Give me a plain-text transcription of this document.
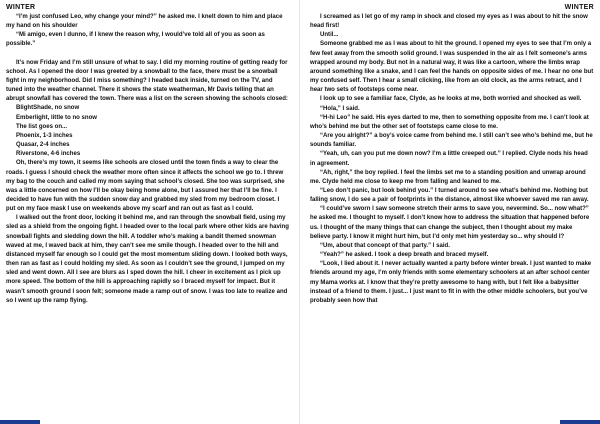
WINTER

“I’m just confused Leo, why change your mind?” he asked me. I knelt down to him and place my hand on his shoulder

“Mi amigo, even I dunno, if I knew the reason why, I would’ve told all of you as soon as possible.”

It’s now Friday and I’m still unsure of what to say. I did my morning routine of getting ready for school. As I opened the door I was greeted by a snowball to the face, there must be a snowball fight in my neighborhood. Did I miss something? I headed back inside, turned on the TV, and tuned into the weather channel. There it shows the state weatherman, Mr Davis telling that an abrupt snowfall has covered the town. There was a list on the screen showing the schools closed:

BlightShade, no snow

Emberlight, little to no snow

The list goes on...

Phoenix, 1-3 inches

Quasar, 2-4 inches

Riverstone, 4-6 inches

Oh, there’s my town, it seems like schools are closed until the town finds a way to clear the roads. I guess I should check the weather more often since it affects the school we go to. I threw my bag to the couch and called my mom saying that school’s closed. She too was surprised, she was a little concerned on how I’ll be okay being home alone, but I assured her that I’ll be fine. I decided to have fun with the sudden snow day and grabbed my sled from my bedroom closet. I put on my face mask I use on weekends above my scarf and ran out as fast as I could.

I walked out the front door, locking it behind me, and ran through the snowball field, using my sled as a shield from the ongoing fight. I headed over to the local park where other kids are having snowball fights and sledding down the hill. A toddler who’s making a bandit themed snowman waved at me, I waved back at him, they can’t see me smile though. I headed over to the hill and distanced myself far enough so I could get the most momentum sliding down. I looked both ways, then ran as fast as I could holding my sled. As soon as I couldn’t see the ground, I jumped on my sled and went down. All I see are blurs as I sped down the hill. I cheer in excitement as I pick up more speed. The bottom of the hill is approaching rapidly so I braced myself for impact. But it wasn’t smooth ground I soon felt; someone made a ramp out of snow. I was too late to realize and so I went up the ramp flying.

WINTER

I screamed as I let go of my ramp in shock and closed my eyes as I was about to hit the snow head first!

Until...

Someone grabbed me as I was about to hit the ground. I opened my eyes to see that I’m only a few feet away from the smooth solid ground. I was suspended in the air as I felt someone’s arms wrapped around my body. But not in a natural way, it was like a cartoon, where the limbs wrap around something like a snake, and I can feel the hands on opposite sides of me. I hear no one but my confused self. Then I hear a small clicking, like from an old clock, as the arms retract, and I hear two sets of footsteps come near.

I look up to see a familiar face, Clyde, as he looks at me, both worried and shocked as well.

“Hola,” I said.

“H-hi Leo” he said. His eyes darted to me, then to something opposite from me. I can’t look at who’s behind me but the other set of footsteps came close to me.

“Are you alright?” a boy’s voice came from behind me. I still can’t see who’s behind me, but he sounds familiar.

“Yeah, uh, can you put me down now? I’m a little creeped out.” I replied. Clyde nods his head in agreement.

“Ah, right,” the boy replied. I feel the limbs set me to a standing position and unwrap around me. Clyde held me close to keep me from falling and leaned to me.

“Leo don’t panic, but look behind you.” I turned around to see what’s behind me. Nothing but falling snow, I do see a pair of footprints in the distance, almost like whoever saved me ran away.

“I could’ve sworn I saw someone stretch their arms to save you, nevermind. So... now what?” he asked me. I thought to myself. I don’t know how to address the situation that happened before us. I thought of the many things that can change the subject, then I thought about my make believe party. I know it might hurt him, but I’d only met him yesterday so... why should I?

“Um, about that concept of that party.” I said.

“Yeah?” he asked. I took a deep breath and braced myself.

“Look, I lied about it. I never actually wanted a party before winter break. I just wanted to make friends around my age, I’m only friends with some elementary schoolers at an after school center my Mama works at. I know that they’re pretty awesome to hang with, but I felt like a babysitter instead of a friend to them. I just... I just want to fit in with the other middle schoolers, but you’ve probably seen how that
